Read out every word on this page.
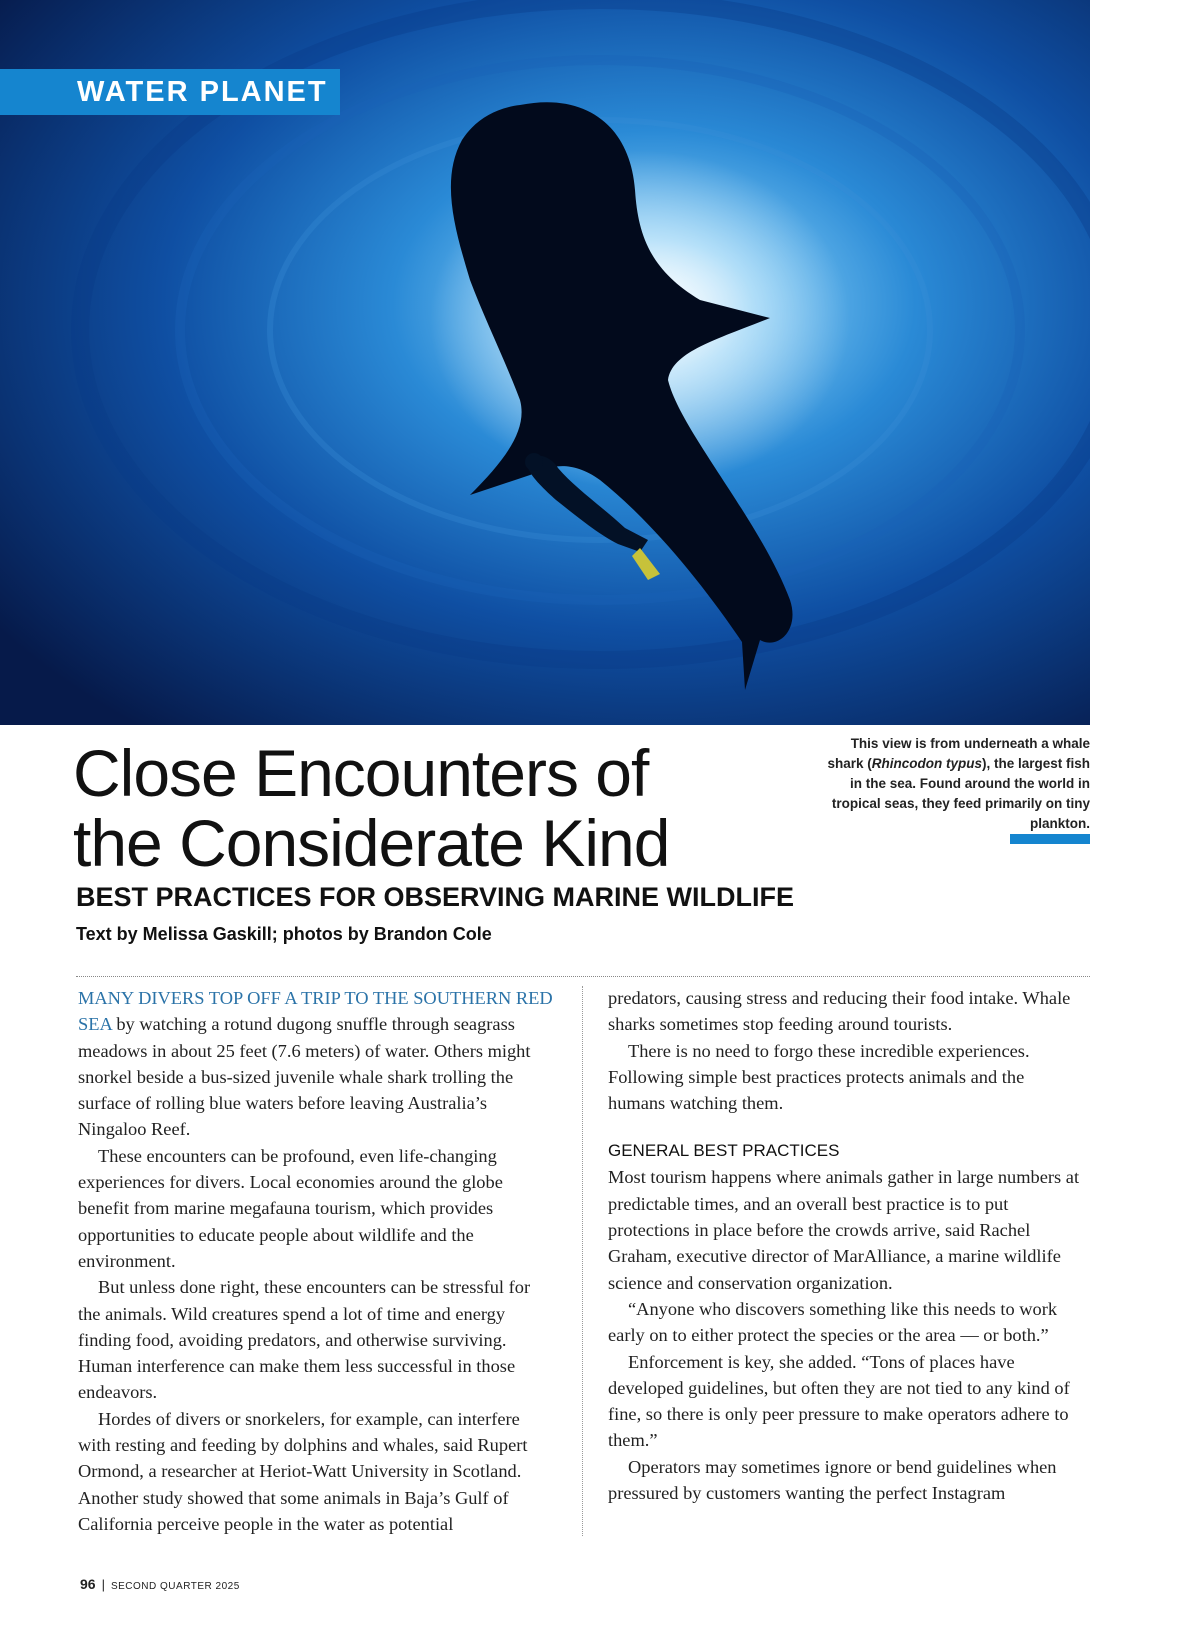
WATER PLANET
This view is from underneath a whale shark (Rhincodon typus), the largest fish in the sea. Found around the world in tropical seas, they feed primarily on tiny plankton.
Close Encounters of
the Considerate Kind
BEST PRACTICES FOR OBSERVING MARINE WILDLIFE

Text by Melissa Gaskill; photos by Brandon Cole

MANY DIVERS TOP OFF A TRIP TO THE SOUTHERN RED SEA by watching a rotund dugong snuffle through seagrass meadows in about 25 feet (7.6 meters) of water. Others might snorkel beside a bus-sized juvenile whale shark trolling the surface of rolling blue waters before leaving Australia’s Ningaloo Reef.

These encounters can be profound, even life-changing experiences for divers. Local economies around the globe benefit from marine megafauna tourism, which provides opportunities to educate people about wildlife and the environment.

But unless done right, these encounters can be stressful for the animals. Wild creatures spend a lot of time and energy finding food, avoiding predators, and otherwise surviving. Human interference can make them less successful in those endeavors.

Hordes of divers or snorkelers, for example, can interfere with resting and feeding by dolphins and whales, said Rupert Ormond, a researcher at Heriot-Watt University in Scotland. Another study showed that some animals in Baja’s Gulf of California perceive people in the water as potential

predators, causing stress and reducing their food intake. Whale sharks sometimes stop feeding around tourists.

There is no need to forgo these incredible experiences. Following simple best practices protects animals and the humans watching them.

GENERAL BEST PRACTICES

Most tourism happens where animals gather in large numbers at predictable times, and an overall best practice is to put protections in place before the crowds arrive, said Rachel Graham, executive director of MarAlliance, a marine wildlife science and conservation organization.

“Anyone who discovers something like this needs to work early on to either protect the species or the area — or both.”

Enforcement is key, she added. “Tons of places have developed guidelines, but often they are not tied to any kind of fine, so there is only peer pressure to make operators adhere to them.”

Operators may sometimes ignore or bend guidelines when pressured by customers wanting the perfect Instagram

96 | SECOND QUARTER 2025
